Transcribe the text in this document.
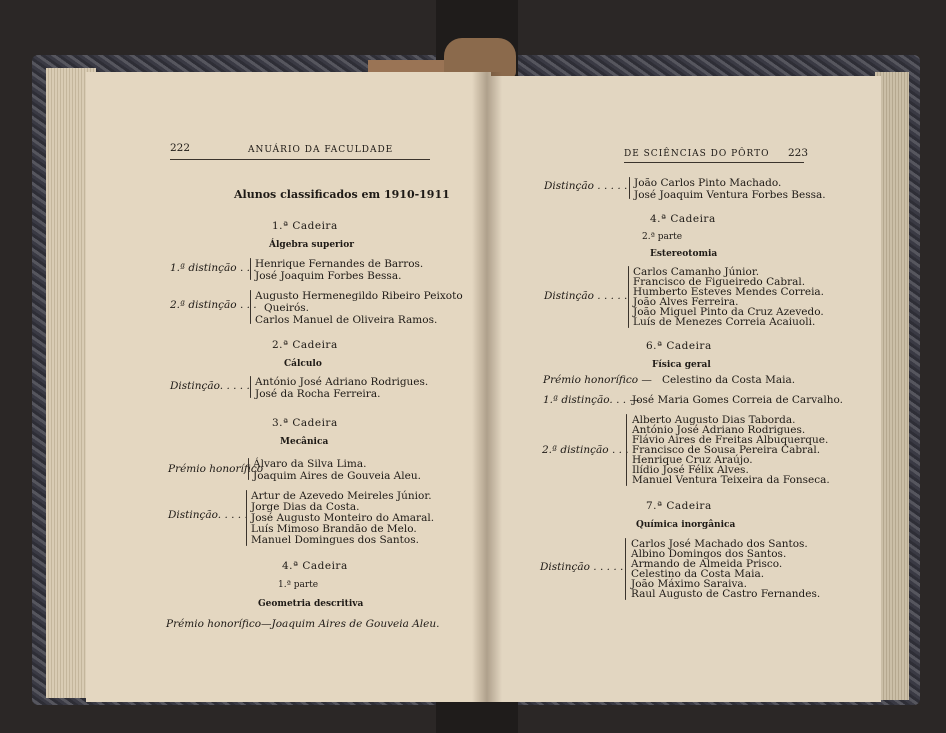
222	ANUÁRIO DA FACULDADE
Alunos classificados em 1910-1911
1.ª Cadeira
Álgebra superior
1.ª distinção . . .
Henrique Fernandes de Barros.
José Joaquim Forbes Bessa.
2.ª distinção . . .
Augusto Hermenegildo Ribeiro Peixoto
Queirós.
Carlos Manuel de Oliveira Ramos.
2.ª Cadeira
Cálculo
Distinção. . . . . António José Adriano Rodrigues.
José da Rocha Ferreira.
3.ª Cadeira
Mecânica
Prémio honorífico
Álvaro da Silva Lima.
Joaquim Aires de Gouveia Aleu.
Distinção. . . . .
Artur de Azevedo Meireles Júnior.
Jorge Dias da Costa.
José Augusto Monteiro do Amaral.
Luís Mimoso Brandão de Melo.
Manuel Domingues dos Santos.
4.ª Cadeira
1.ª parte
Geometria descritiva
Prémio honorífico—Joaquim Aires de Gouveia Aleu.
DE SCIÊNCIAS DO PÔRTO 223
Distinção . . . . . João Carlos Pinto Machado.
José Joaquim Ventura Forbes Bessa.
4.ª Cadeira
2.ª parte
Estereotomia
Distinção . . . . .
Carlos Camanho Júnior.
Francisco de Figueiredo Cabral.
Humberto Esteves Mendes Correia.
João Alves Ferreira.
João Miguel Pinto da Cruz Azevedo.
Luís de Menezes Correia Acaiuoli.
6.ª Cadeira
Física geral
Prémio honorífico — Celestino da Costa Maia.
1.ª distinção. . . —
José Maria Gomes Correia de Carvalho.
2.ª distinção . . .
Alberto Augusto Dias Taborda.
António José Adriano Rodrigues.
Flávio Aires de Freitas Albuquerque.
Francisco de Sousa Pereira Cabral.
Henrique Cruz Araújo.
Ilídio José Félix Alves.
Manuel Ventura Teixeira da Fonseca.
7.ª Cadeira
Química inorgânica
Distinção . . . . .
Carlos José Machado dos Santos.
Albino Domingos dos Santos.
Armando de Almeida Prisco.
Celestino da Costa Maia.
João Máximo Saraiva.
Raul Augusto de Castro Fernandes.
